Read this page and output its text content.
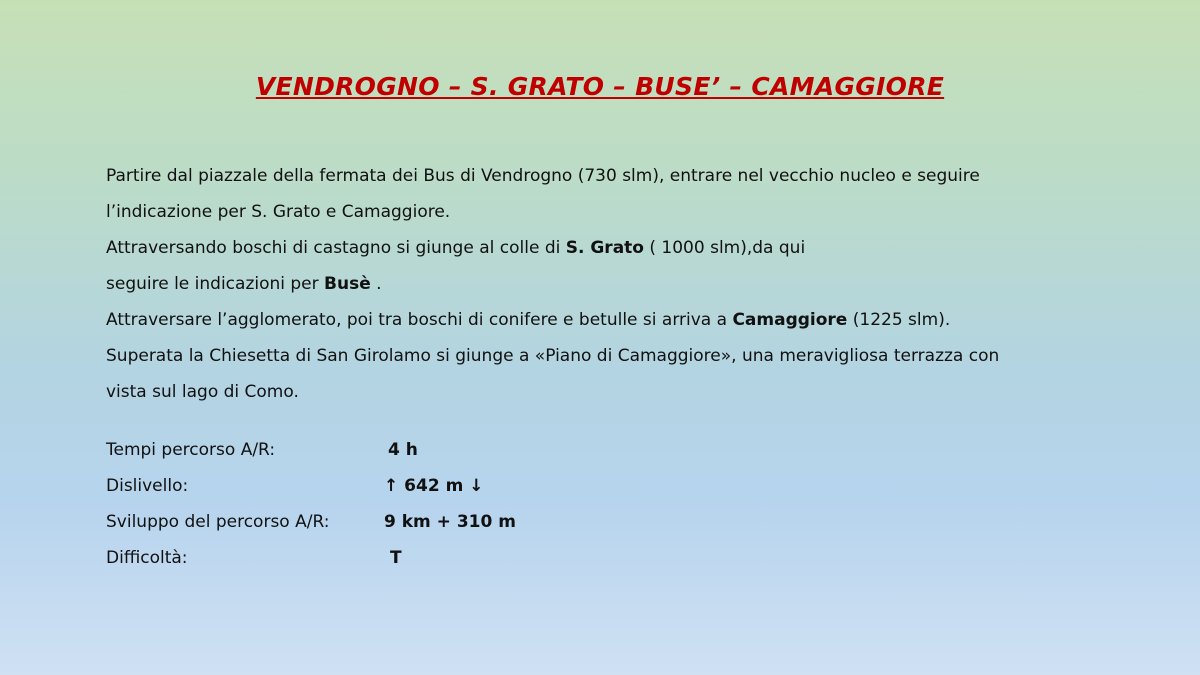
VENDROGNO – S. GRATO – BUSE’ – CAMAGGIORE
Partire dal piazzale della fermata dei Bus di Vendrogno (730 slm), entrare nel vecchio nucleo e seguire
l’indicazione per S. Grato e Camaggiore.
Attraversando boschi di castagno si giunge al colle di S. Grato ( 1000 slm),da qui
seguire le indicazioni per Busè .
Attraversare l’agglomerato, poi tra boschi di conifere e betulle si arriva a Camaggiore (1225 slm).
Superata la Chiesetta di San Girolamo si giunge a «Piano di Camaggiore», una meravigliosa terrazza con
vista sul lago di Como.
Tempi percorso A/R:	4 h
Dislivello:	↑ 642 m ↓
Sviluppo del percorso A/R:	9 km + 310 m
Difficoltà:	T
